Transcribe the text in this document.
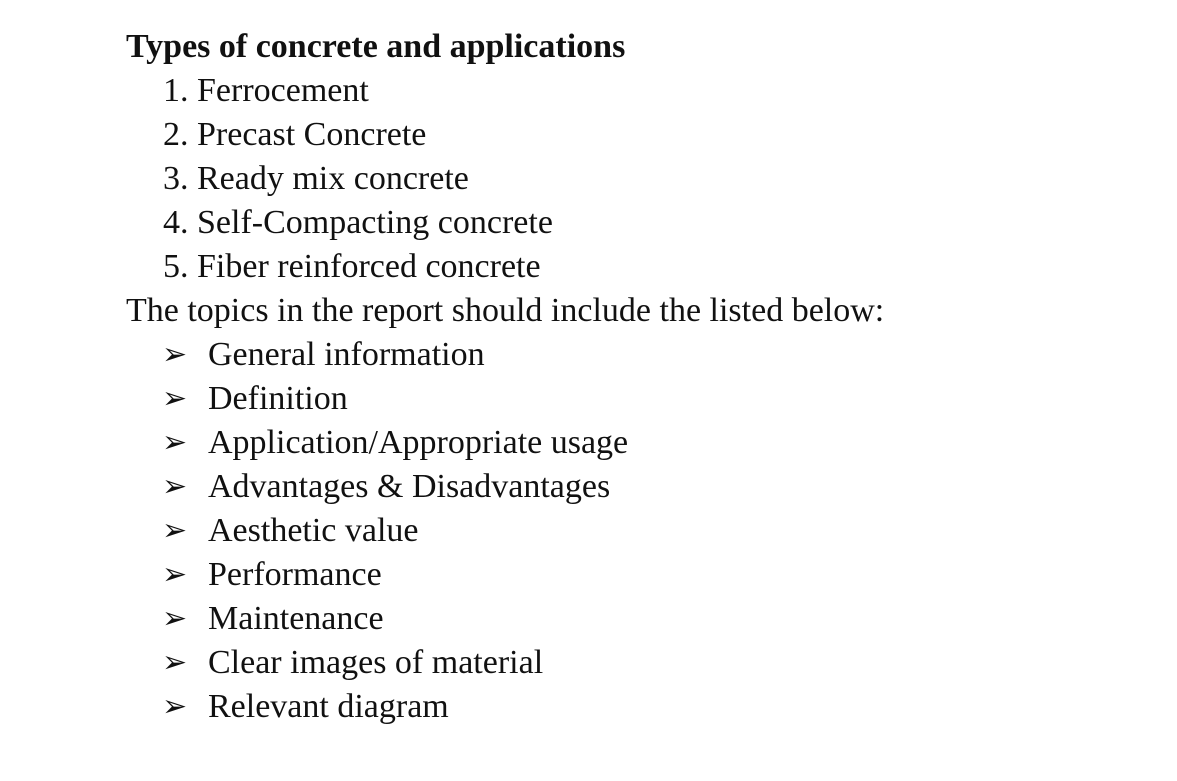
Types of concrete and applications
1. Ferrocement
2. Precast Concrete
3. Ready mix concrete
4. Self-Compacting concrete
5. Fiber reinforced concrete
The topics in the report should include the listed below:
➢ General information
➢ Definition
➢ Application/Appropriate usage
➢ Advantages & Disadvantages
➢ Aesthetic value
➢ Performance
➢ Maintenance
➢ Clear images of material
➢ Relevant diagram
